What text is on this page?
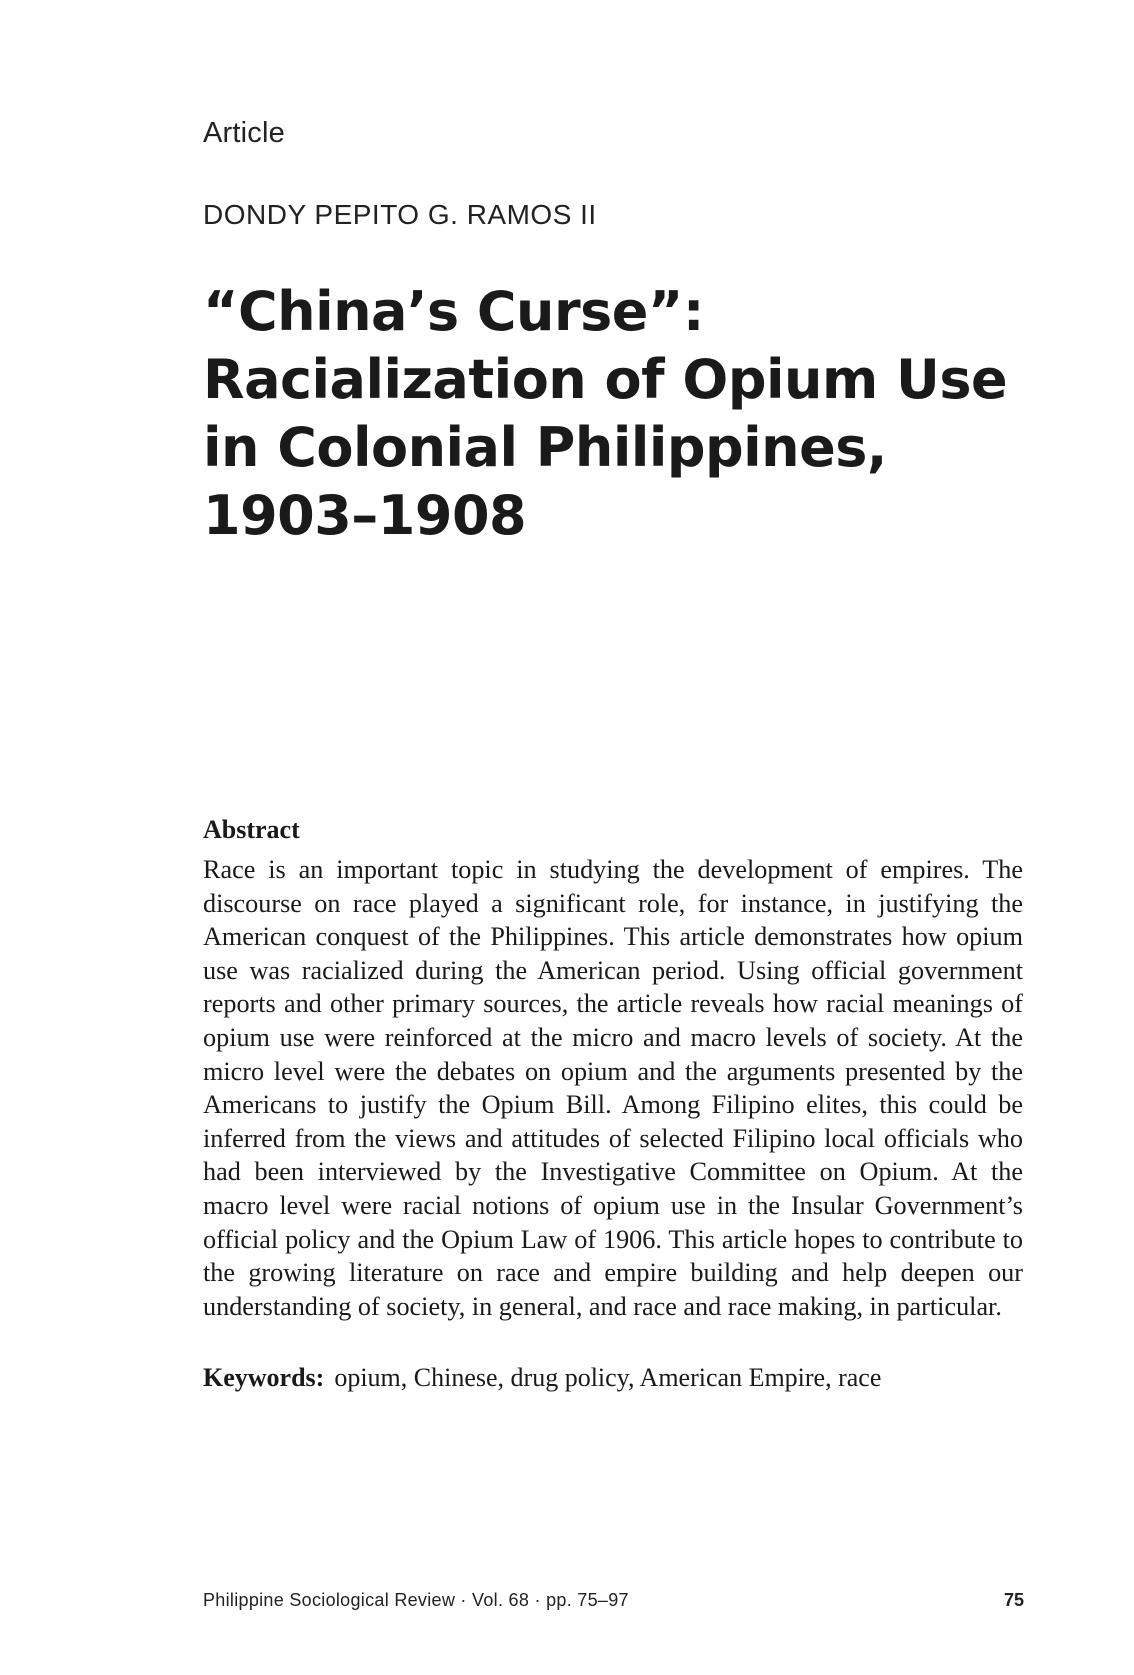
Article
DONDY PEPITO G. RAMOS II
“China’s Curse”: Racialization of Opium Use in Colonial Philippines, 1903–1908
Abstract

Race is an important topic in studying the development of empires. The discourse on race played a significant role, for instance, in justifying the American conquest of the Philippines. This article demonstrates how opium use was racialized during the American period. Using official government reports and other primary sources, the article reveals how racial meanings of opium use were reinforced at the micro and macro levels of society. At the micro level were the debates on opium and the arguments presented by the Americans to justify the Opium Bill. Among Filipino elites, this could be inferred from the views and attitudes of selected Filipino local officials who had been interviewed by the Investigative Committee on Opium. At the macro level were racial notions of opium use in the Insular Government’s official policy and the Opium Law of 1906. This article hopes to contribute to the growing literature on race and empire building and help deepen our understanding of society, in general, and race and race making, in particular.

Keywords: opium, Chinese, drug policy, American Empire, race
Philippine Sociological Review · Vol. 68 · pp. 75–97	75
